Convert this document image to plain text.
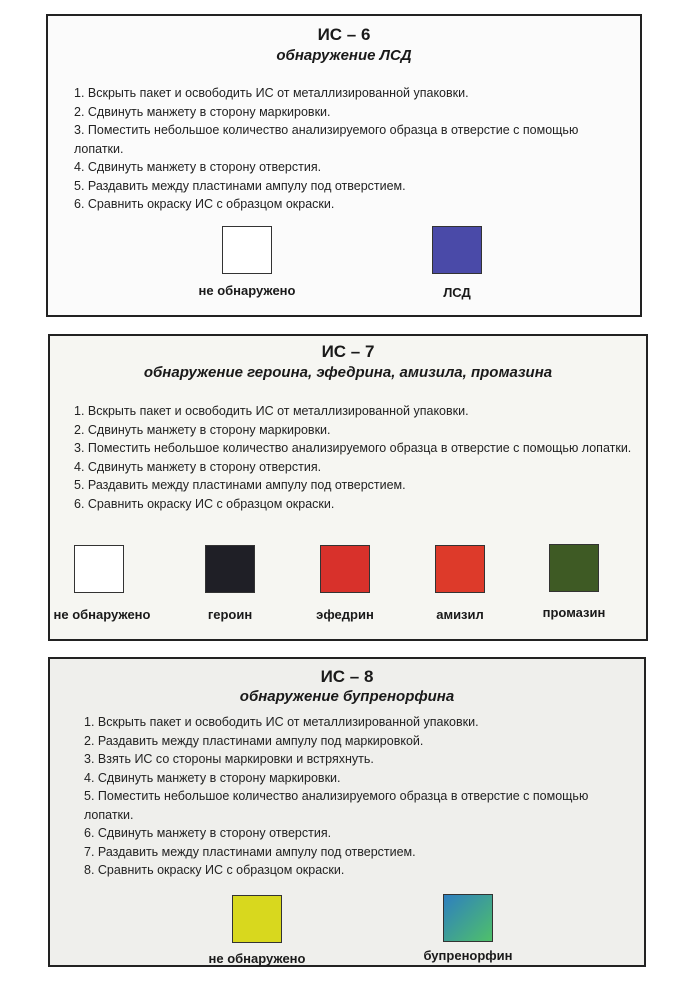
ИС – 6
обнаружение ЛСД
1. Вскрыть пакет и освободить ИС от металлизированной упаковки.
2. Сдвинуть манжету в сторону маркировки.
3. Поместить небольшое количество анализируемого образца в отверстие с помощью лопатки.
4. Сдвинуть манжету в сторону отверстия.
5. Раздавить между пластинами ампулу под отверстием.
6. Сравнить окраску ИС с образцом окраски.
не обнаружено	ЛСД
ИС – 7
обнаружение героина, эфедрина, амизила, промазина
1. Вскрыть пакет и освободить ИС от металлизированной упаковки.
2. Сдвинуть манжету в сторону маркировки.
3. Поместить небольшое количество анализируемого образца в отверстие с помощью лопатки.
4. Сдвинуть манжету в сторону отверстия.
5. Раздавить между пластинами ампулу под отверстием.
6. Сравнить окраску ИС с образцом окраски.
не обнаружено	героин	эфедрин	амизил	промазин
ИС – 8
обнаружение бупренорфина
1. Вскрыть пакет и освободить ИС от металлизированной упаковки.
2. Раздавить между пластинами ампулу под маркировкой.
3. Взять ИС со стороны маркировки и встряхнуть.
4. Сдвинуть манжету в сторону маркировки.
5. Поместить небольшое количество анализируемого образца в отверстие с помощью лопатки.
6. Сдвинуть манжету в сторону отверстия.
7. Раздавить между пластинами ампулу под отверстием.
8. Сравнить окраску ИС с образцом окраски.
не обнаружено	бупренорфин
